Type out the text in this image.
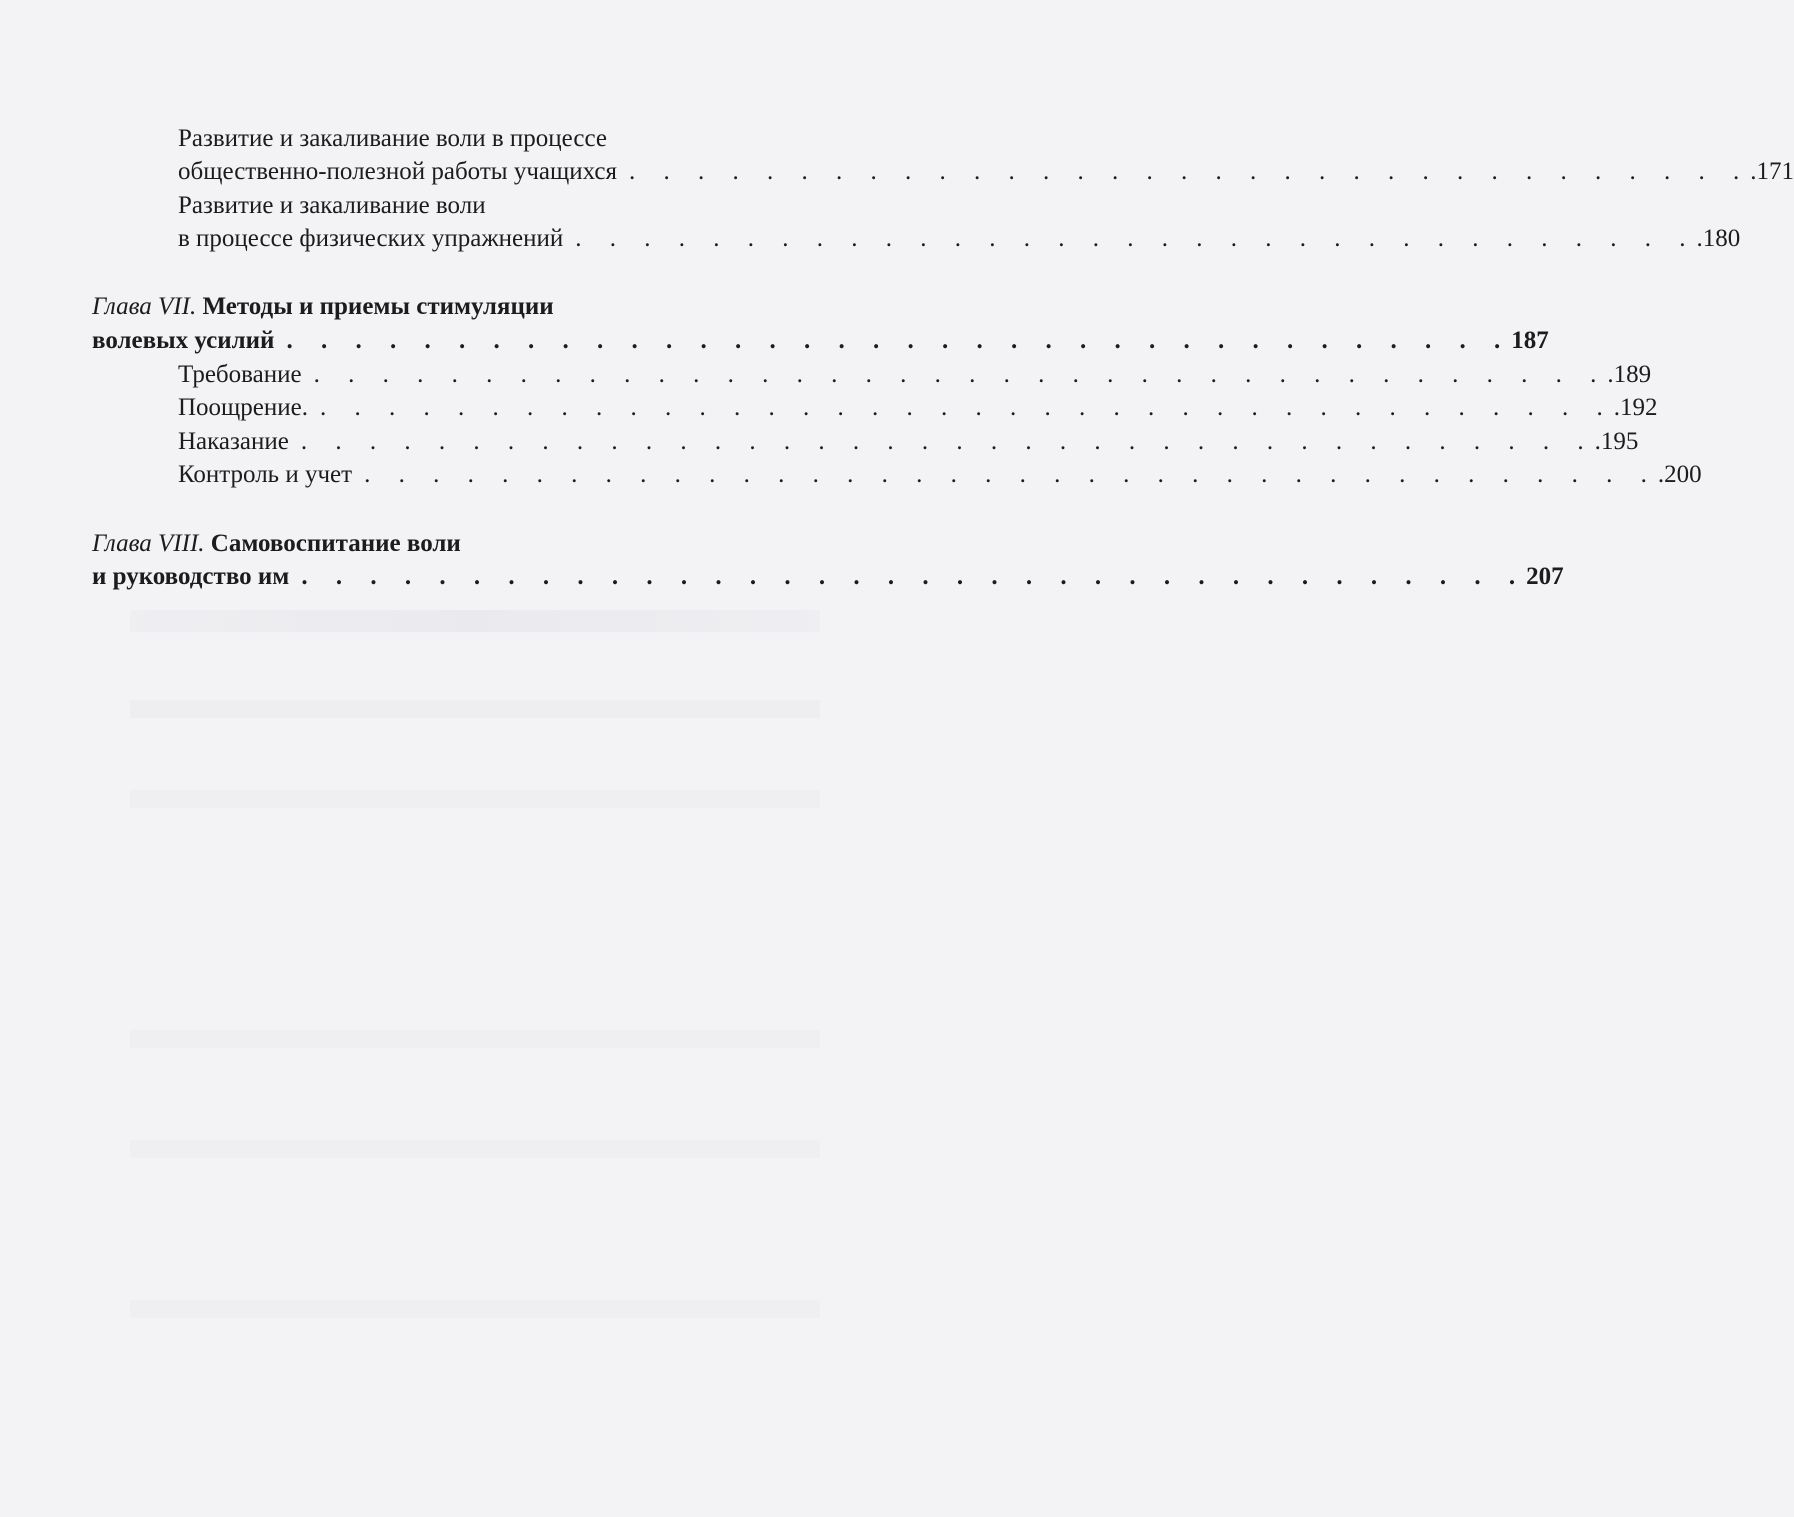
Развитие и закаливание воли в процессе
общественно-полезной работы учащихся . . . . . . . . . . . . . . . . . . . . . . . . . . . . . . . . . .171
Развитие и закаливание воли
в процессе физических упражнений . . . . . . . . . . . . . . . . . . . . . . . . . . . . . . . . . .180
Глава VII. Методы и приемы стимуляции
волевых усилий . . . . . . . . . . . . . . . . . . . . . . . . . . . . . . . . . . . . 187
Требование . . . . . . . . . . . . . . . . . . . . . . . . . . . . . . . . . . . . . . .189
Поощрение. . . . . . . . . . . . . . . . . . . . . . . . . . . . . . . . . . . . . . . .192
Наказание . . . . . . . . . . . . . . . . . . . . . . . . . . . . . . . . . . . . . . .195
Контроль и учет . . . . . . . . . . . . . . . . . . . . . . . . . . . . . . . . . . . . . . .200
Глава VIII. Самовоспитание воли
и руководство им . . . . . . . . . . . . . . . . . . . . . . . . . . . . . . . . . . . . 207
